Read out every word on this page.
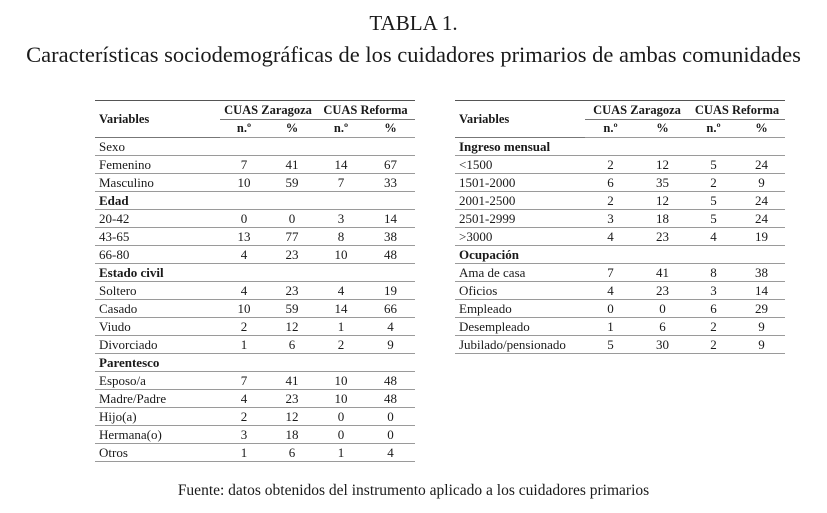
TABLA 1.
Características sociodemográficas de los cuidadores primarios de ambas comunidades
Variables	CUAS Zaragoza		CUAS Reforma	
	n.º	%	n.º	%
Sexo				
Femenino	7	41	14	67
Masculino	10	59	7	33
Edad				
20-42	0	0	3	14
43-65	13	77	8	38
66-80	4	23	10	48
Estado civil				
Soltero	4	23	4	19
Casado	10	59	14	66
Viudo	2	12	1	4
Divorciado	1	6	2	9
Parentesco				
Esposo/a	7	41	10	48
Madre/Padre	4	23	10	48
Hijo(a)	2	12	0	0
Hermana(o)	3	18	0	0
Otros	1	6	1	4
Variables	CUAS Zaragoza		CUAS Reforma	
	n.º	%	n.º	%
Ingreso mensual				
<1500	2	12	5	24
1501-2000	6	35	2	9
2001-2500	2	12	5	24
2501-2999	3	18	5	24
>3000	4	23	4	19
Ocupación				
Ama de casa	7	41	8	38
Oficios	4	23	3	14
Empleado	0	0	6	29
Desempleado	1	6	2	9
Jubilado/pensionado	5	30	2	9
Fuente: datos obtenidos del instrumento aplicado a los cuidadores primarios
